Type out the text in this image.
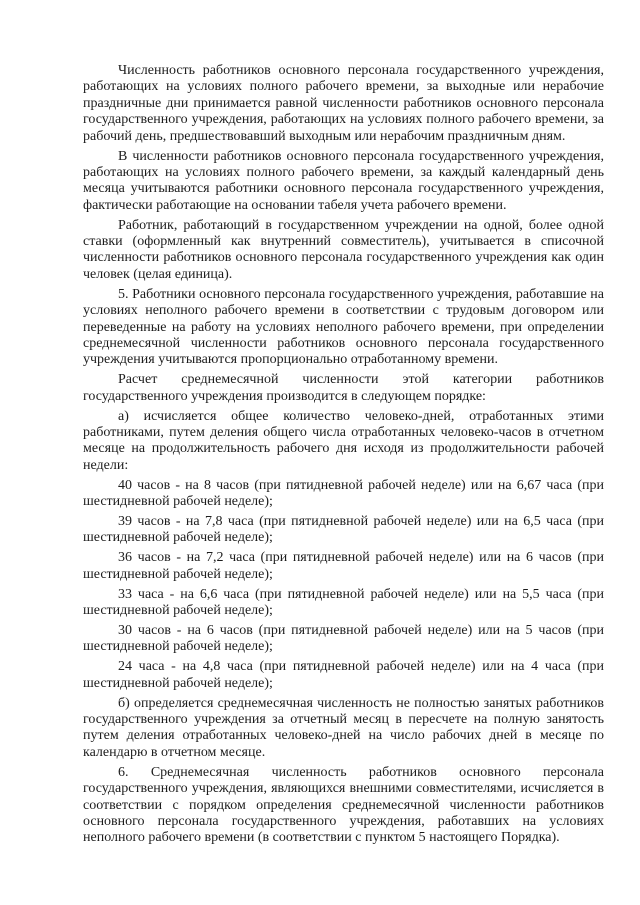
Численность работников основного персонала государственного учреждения, работающих на условиях полного рабочего времени, за выходные или нерабочие праздничные дни принимается равной численности работников основного персонала государственного учреждения, работающих на условиях полного рабочего времени, за рабочий день, предшествовавший выходным или нерабочим праздничным дням.

В численности работников основного персонала государственного учреждения, работающих на условиях полного рабочего времени, за каждый календарный день месяца учитываются работники основного персонала государственного учреждения, фактически работающие на основании табеля учета рабочего времени.

Работник, работающий в государственном учреждении на одной, более одной ставки (оформленный как внутренний совместитель), учитывается в списочной численности работников основного персонала государственного учреждения как один человек (целая единица).

5. Работники основного персонала государственного учреждения, работавшие на условиях неполного рабочего времени в соответствии с трудовым договором или переведенные на работу на условиях неполного рабочего времени, при определении среднемесячной численности работников основного персонала государственного учреждения учитываются пропорционально отработанному времени.

Расчет среднемесячной численности этой категории работников государственного учреждения производится в следующем порядке:

а) исчисляется общее количество человеко-дней, отработанных этими работниками, путем деления общего числа отработанных человеко-часов в отчетном месяце на продолжительность рабочего дня исходя из продолжительности рабочей недели:

40 часов - на 8 часов (при пятидневной рабочей неделе) или на 6,67 часа (при шестидневной рабочей неделе);

39 часов - на 7,8 часа (при пятидневной рабочей неделе) или на 6,5 часа (при шестидневной рабочей неделе);

36 часов - на 7,2 часа (при пятидневной рабочей неделе) или на 6 часов (при шестидневной рабочей неделе);

33 часа - на 6,6 часа (при пятидневной рабочей неделе) или на 5,5 часа (при шестидневной рабочей неделе);

30 часов - на 6 часов (при пятидневной рабочей неделе) или на 5 часов (при шестидневной рабочей неделе);

24 часа - на 4,8 часа (при пятидневной рабочей неделе) или на 4 часа (при шестидневной рабочей неделе);

б) определяется среднемесячная численность не полностью занятых работников государственного учреждения за отчетный месяц в пересчете на полную занятость путем деления отработанных человеко-дней на число рабочих дней в месяце по календарю в отчетном месяце.

6. Среднемесячная численность работников основного персонала государственного учреждения, являющихся внешними совместителями, исчисляется в соответствии с порядком определения среднемесячной численности работников основного персонала государственного учреждения, работавших на условиях неполного рабочего времени (в соответствии с пунктом 5 настоящего Порядка).
